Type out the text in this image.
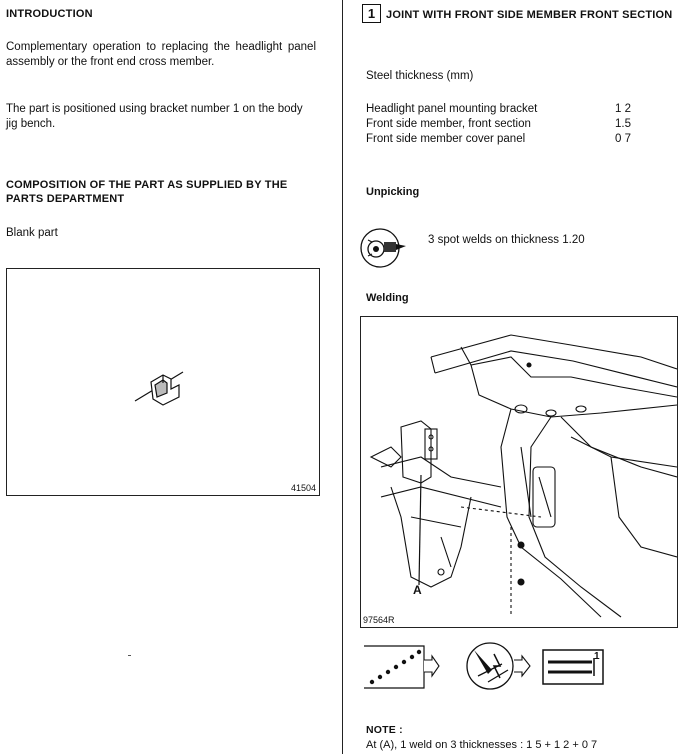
INTRODUCTION
Complementary operation to replacing the headlight panel assembly or the front end cross member.
The part is positioned using bracket number 1 on the body jig bench.
COMPOSITION OF THE PART AS SUPPLIED BY THE PARTS DEPARTMENT
Blank part
41504
1 JOINT WITH FRONT SIDE MEMBER FRONT SECTION
Steel thickness (mm)
Headlight panel mounting bracket	1 2
Front side member, front section	1.5
Front side member cover panel	0 7
Unpicking
3 spot welds on thickness 1.20
Welding
A
97564R
1
NOTE :
At (A), 1 weld on 3 thicknesses : 1 5 + 1 2 + 0 7
